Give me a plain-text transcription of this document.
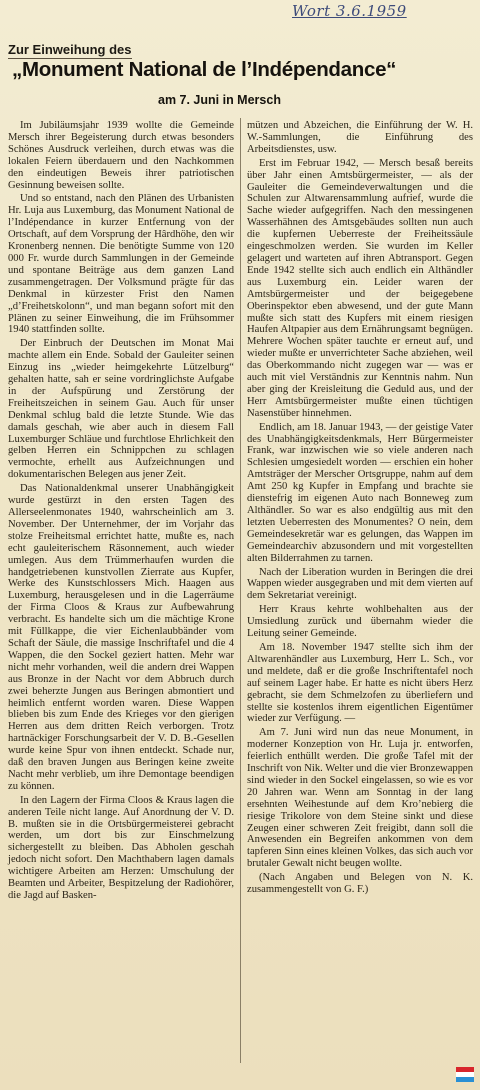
Wort 3.6.1959
Zur Einweihung des
„Monument National de l’Indépendance“
am 7. Juni in Mersch

Im Jubiläumsjahr 1939 wollte die Gemeinde Mersch ihrer Begeisterung durch etwas besonders Schönes Ausdruck verleihen, durch etwas was die lokalen Feiern überdauern und den Nachkommen den eindeutigen Beweis ihrer patriotischen Gesinnung beweisen sollte.

Und so entstand, nach den Plänen des Urbanisten Hr. Luja aus Luxemburg, das Monument National de l’Indépendance in kurzer Entfernung von der Ortschaft, auf dem Vorsprung der Hârdhöhe, den wir Kronenberg nennen. Die benötigte Summe von 120 000 Fr. wurde durch Sammlungen in der Gemeinde und spontane Beiträge aus dem ganzen Land zusammengetragen. Der Volksmund prägte für das Denkmal in kürzester Frist den Namen „d’Freihetskolonn“, und man begann sofort mit den Plänen zu seiner Einweihung, die im Frühsommer 1940 stattfinden sollte.

Der Einbruch der Deutschen im Monat Mai machte allem ein Ende. Sobald der Gauleiter seinen Einzug ins „wieder heimgekehrte Lützelburg“ gehalten hatte, sah er seine vordringlichste Aufgabe in der Aufspürung und Zerstörung der Freiheitszeichen in seinem Gau. Auch für unser Denkmal schlug bald die letzte Stunde. Wie das damals geschah, wie aber auch in diesem Fall Luxemburger Schläue und furchtlose Ehrlichkeit den gelben Herren ein Schnippchen zu schlagen vermochte, erhellt aus Aufzeichnungen und dokumentarischen Belegen aus jener Zeit.

Das Nationaldenkmal unserer Unabhängigkeit wurde gestürzt in den ersten Tagen des Allerseelenmonates 1940, wahrscheinlich am 3. November. Der Unternehmer, der im Vorjahr das stolze Freiheitsmal errichtet hatte, mußte es, nach echt gauleiterischem Räsonnement, auch wieder umlegen. Aus dem Trümmerhaufen wurden die handgetriebenen kunstvollen Zierrate aus Kupfer, Werke des Kunstschlossers Mich. Haagen aus Luxemburg, herausgelesen und in die Lagerräume der Firma Cloos & Kraus zur Aufbewahrung verbracht. Es handelte sich um die mächtige Krone mit Füllkappe, die vier Eichenlaubbänder vom Schaft der Säule, die massige Inschriftafel und die 4 Wappen, die den Sockel geziert hatten. Mehr war nicht mehr vorhanden, weil die andern drei Wappen aus Bronze in der Nacht vor dem Abbruch durch zwei beherzte Jungen aus Beringen abmontiert und heimlich entfernt worden waren. Diese Wappen blieben bis zum Ende des Krieges vor den gierigen Herren aus dem dritten Reich verborgen. Trotz hartnäckiger Forschungsarbeit der V. D. B.-Gesellen wurde keine Spur von ihnen entdeckt. Schade nur, daß den braven Jungen aus Beringen keine zweite Nacht mehr verblieb, um ihre Demontage beendigen zu können.

In den Lagern der Firma Cloos & Kraus lagen die anderen Teile nicht lange. Auf Anordnung der V. D. B. mußten sie in die Ortsbürgermeisterei gebracht werden, um dort bis zur Einschmelzung sichergestellt zu bleiben. Das Abholen geschah jedoch nicht sofort. Den Machthabern lagen damals wichtigere Arbeiten am Herzen: Umschulung der Beamten und Arbeiter, Bespitzelung der Radiohörer, die Jagd auf Basken-

mützen und Abzeichen, die Einführung der W. H. W.-Sammlungen, die Einführung des Arbeitsdienstes, usw.

Erst im Februar 1942, — Mersch besaß bereits über Jahr einen Amtsbürgermeister, — als der Gauleiter die Gemeindeverwaltungen und die Schulen zur Altwarensammlung aufrief, wurde die Sache wieder aufgegriffen. Nach den messingenen Wasserhähnen des Amtsgebäudes sollten nun auch die kupfernen Ueberreste der Freiheitssäule eingeschmolzen werden. Sie wurden im Keller gelagert und warteten auf ihren Abtransport. Gegen Ende 1942 stellte sich auch endlich ein Althändler aus Luxemburg ein. Leider waren der Amtsbürgermeister und der beigegebene Oberinspektor eben abwesend, und der gute Mann mußte sich statt des Kupfers mit einem riesigen Haufen Altpapier aus dem Ernährungsamt begnügen. Mehrere Wochen später tauchte er erneut auf, und wieder mußte er unverrichteter Sache abziehen, weil das Oberkommando nicht zugegen war — was er auch mit viel Verständnis zur Kenntnis nahm. Nun aber ging der Kreisleitung die Geduld aus, und der Herr Amtsbürgermeister mußte einen tüchtigen Nasenstüber hinnehmen.

Endlich, am 18. Januar 1943, — der geistige Vater des Unabhängigkeitsdenkmals, Herr Bürgermeister Frank, war inzwischen wie so viele anderen nach Schlesien umgesiedelt worden — erschien ein hoher Amtsträger der Merscher Ortsgruppe, nahm auf dem Amt 250 kg Kupfer in Empfang und brachte sie dienstefrig im eigenen Auto nach Bonneweg zum Althändler. So war es also endgültig aus mit den letzten Ueberresten des Monumentes? O nein, dem Gemeindesekretär war es gelungen, das Wappen im Gemeindearchiv abzusondern und mit vorgestellten alten Bilderrahmen zu tarnen.

Nach der Liberation wurden in Beringen die drei Wappen wieder ausgegraben und mit dem vierten auf dem Sekretariat vereinigt.

Herr Kraus kehrte wohlbehalten aus der Umsiedlung zurück und übernahm wieder die Leitung seiner Gemeinde.

Am 18. November 1947 stellte sich ihm der Altwarenhändler aus Luxemburg, Herr L. Sch., vor und meldete, daß er die große Inschriftentafel noch auf seinem Lager habe. Er hatte es nicht übers Herz gebracht, sie dem Schmelzofen zu überliefern und stellte sie kostenlos ihrem eigentlichen Eigentümer wieder zur Verfügung. —

Am 7. Juni wird nun das neue Monument, in moderner Konzeption von Hr. Luja jr. entworfen, feierlich enthüllt werden. Die große Tafel mit der Inschrift von Nik. Welter und die vier Bronzewappen sind wieder in den Sockel eingelassen, so wie es vor 20 Jahren war. Wenn am Sonntag in der lang ersehnten Weihestunde auf dem Kro’nebierg die riesige Trikolore von dem Steine sinkt und diese Zeugen einer schweren Zeit freigibt, dann soll die Anwesenden ein Begreifen ankommen von dem tapferen Sinn eines kleinen Volkes, das sich auch vor brutaler Gewalt nicht beugen wollte.

(Nach Angaben und Belegen von N. K. zusammengestellt von G. F.)
